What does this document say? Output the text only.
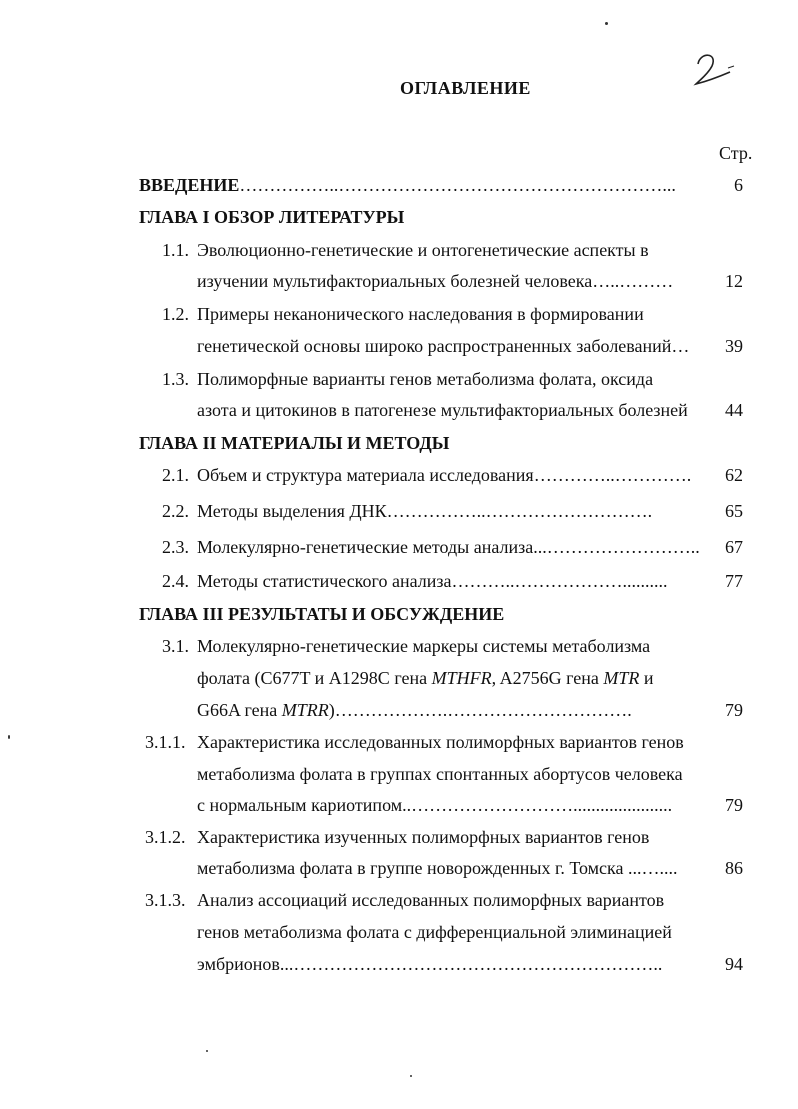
ОГЛАВЛЕНИЕ
Стр.
ВВЕДЕНИЕ……………..………………………………………………...	6
ГЛАВА I ОБЗОР ЛИТЕРАТУРЫ
1.1. Эволюционно-генетические и онтогенетические аспекты в
изучении мультифакториальных болезней человека…..………	12
1.2. Примеры неканонического наследования в формировании
генетической основы широко распространенных заболеваний… 39
1.3. Полиморфные варианты генов метаболизма фолата, оксида
азота и цитокинов в патогенезе мультифакториальных болезней 44
ГЛАВА II МАТЕРИАЛЫ И МЕТОДЫ
2.1. Объем и структура материала исследования…………..…………. 62
2.2. Методы выделения ДНК……………..……………………….	65
2.3. Молекулярно-генетические методы анализа...…………………….. 67
2.4. Методы статистического анализа………..………………..........	77
ГЛАВА III РЕЗУЛЬТАТЫ И ОБСУЖДЕНИЕ
3.1. Молекулярно-генетические маркеры системы метаболизма
фолата (C677T и A1298C гена MTHFR, A2756G гена MTR и
G66A гена MTRR)……………….………………………….	79
3.1.1. Характеристика исследованных полиморфных вариантов генов
метаболизма фолата в группах спонтанных абортусов человека
с нормальным кариотипом..………………………......................	79
3.1.2. Характеристика изученных полиморфных вариантов генов
метаболизма фолата в группе новорожденных г. Томска ...…....	86
3.1.3. Анализ ассоциаций исследованных полиморфных вариантов
генов метаболизма фолата с дифференциальной элиминацией
эмбрионов...……………………………………………………..	94
